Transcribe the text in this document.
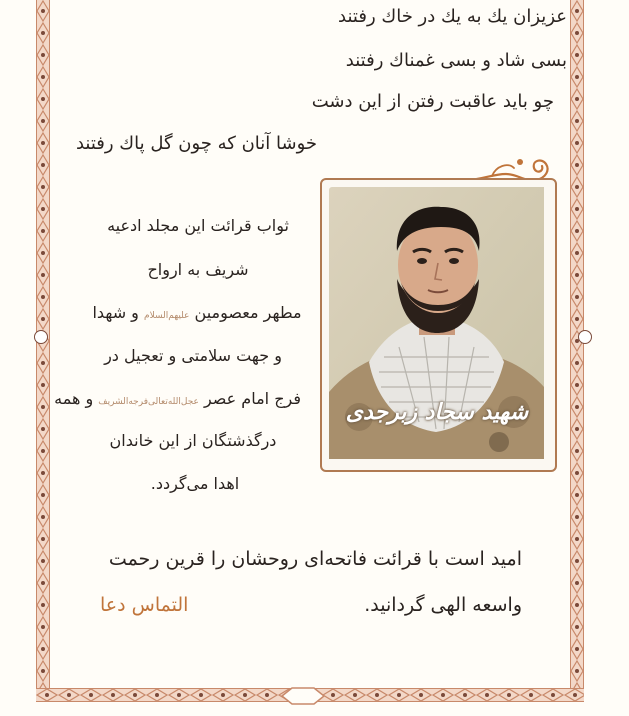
عزیزان یك به یك در خاك رفتند
بسی شاد و بسی غمناك رفتند
چو باید عاقبت رفتن از این دشت
خوشا آنان كه چون گل پاك رفتند
شهید سجاد زبرجدی
ثواب قرائت این مجلد ادعیه
شریف به ارواح
مطهر معصومین علیهم‌السلام و شهدا
و جهت سلامتی و تعجیل در
فرج امام عصر عجل‌الله‌تعالی‌فرجه‌الشریف و همه
درگذشتگان از این خاندان
اهدا می‌گردد.
امید است با قرائت فاتحه‌ای روحشان را قرین رحمت
واسعه الهی گردانید.
التماس دعا
